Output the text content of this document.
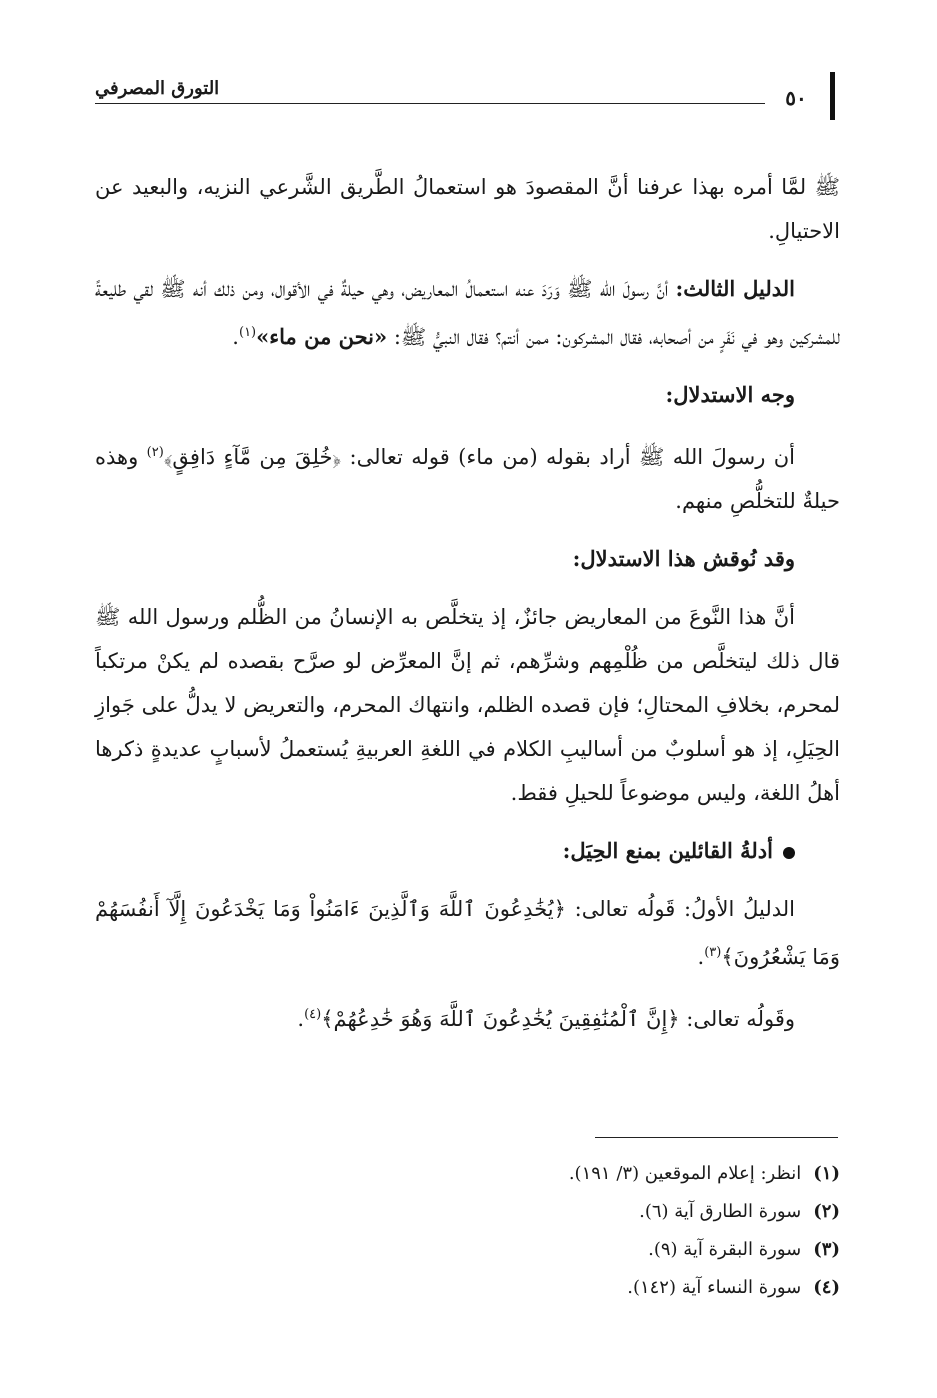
التورق المصرفي	٥٠

ﷺ لمَّا أمره بهذا عرفنا أنَّ المقصودَ هو استعمالُ الطَّريق الشَّرعي النزيه، والبعيد عن الاحتيالِ.

الدليل الثالث: أنَّ رسولَ الله ﷺ وَرَدَ عنه استعمالُ المعاريض، وهي حيلةٌ في الأقوال، ومن ذلك أنه ﷺ لقي طليعةً للمشركين وهو في نَفَرٍ من أصحابه، فقال المشركون: ممن أنتم؟ فقال النبيُّ ﷺ: «نحن من ماء»$^{(١)}$.

وجه الاستدلال:

أن رسولَ الله ﷺ أراد بقوله (من ماء) قوله تعالى: ﴿خُلِقَ مِن مَّآءٍ دَافِقٍ﴾$^{(٢)}$ وهذه حيلةٌ للتخلُّصِ منهم.

وقد نُوقش هذا الاستدلال:

أنَّ هذا النَّوعَ من المعاريض جائزٌ، إذ يتخلَّص به الإنسانُ من الظُّلم ورسول الله ﷺ قال ذلك ليتخلَّص من ظُلْمِهم وشرِّهم، ثم إنَّ المعرِّض لو صرَّح بقصده لم يكنْ مرتكباً لمحرم، بخلافِ المحتالِ؛ فإن قصده الظلم، وانتهاك المحرم، والتعريض لا يدلُّ على جَوازِ الحِيَلِ، إذ هو أسلوبٌ من أساليبِ الكلام في اللغةِ العربيةِ يُستعملُ لأسبابٍ عديدةٍ ذكرها أهلُ اللغة، وليس موضوعاً للحيلِ فقط.

أدلةُ القائلين بمنع الحِيَل:

الدليلُ الأولُ: قَولُه تعالى: ﴿يُخَٰدِعُونَ ٱللَّهَ وَٱلَّذِينَ ءَامَنُواْ وَمَا يَخْدَعُونَ إِلَّآ أَنفُسَهُمْ وَمَا يَشْعُرُونَ﴾$^{(٣)}$.

وقَولُه تعالى: ﴿إِنَّ ٱلْمُنَٰفِقِينَ يُخَٰدِعُونَ ٱللَّهَ وَهُوَ خَٰدِعُهُمْ﴾$^{(٤)}$.

(١)انظر: إعلام الموقعين (٣/ ١٩١).

(٢)سورة الطارق آية (٦).

(٣)سورة البقرة آية (٩).

(٤)سورة النساء آية (١٤٢).
